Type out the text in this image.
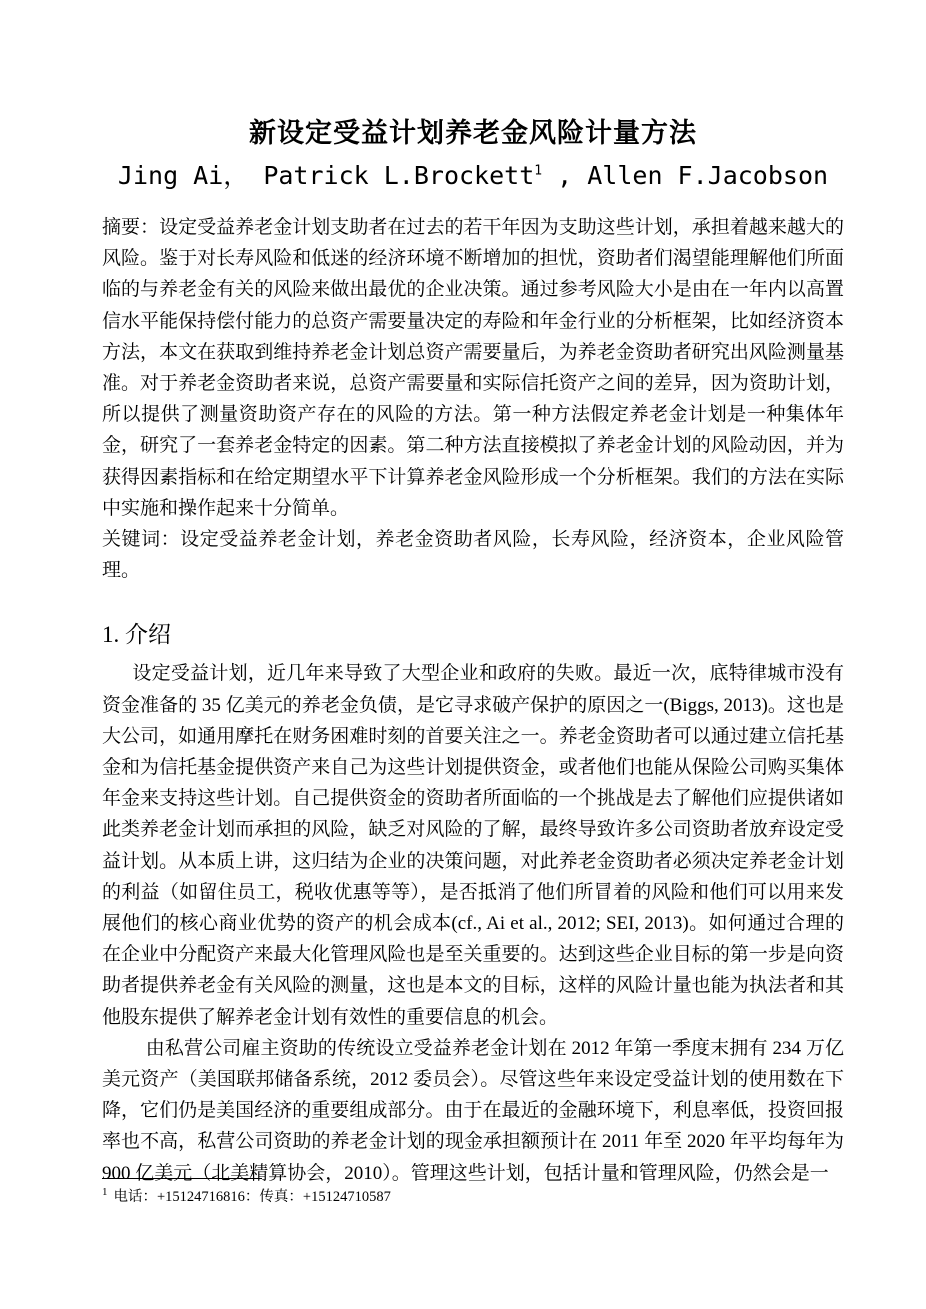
新设定受益计划养老金风险计量方法
Jing Ai， Patrick L.Brockett$^1$ , Allen F.Jacobson

摘要：设定受益养老金计划支助者在过去的若干年因为支助这些计划，承担着越来越大的风险。鉴于对长寿风险和低迷的经济环境不断增加的担忧，资助者们渴望能理解他们所面临的与养老金有关的风险来做出最优的企业决策。通过参考风险大小是由在一年内以高置信水平能保持偿付能力的总资产需要量决定的寿险和年金行业的分析框架，比如经济资本方法，本文在获取到维持养老金计划总资产需要量后，为养老金资助者研究出风险测量基准。对于养老金资助者来说，总资产需要量和实际信托资产之间的差异，因为资助计划，所以提供了测量资助资产存在的风险的方法。第一种方法假定养老金计划是一种集体年金，研究了一套养老金特定的因素。第二种方法直接模拟了养老金计划的风险动因，并为获得因素指标和在给定期望水平下计算养老金风险形成一个分析框架。我们的方法在实际中实施和操作起来十分简单。

关键词：设定受益养老金计划，养老金资助者风险，长寿风险，经济资本，企业风险管理。

1. 介绍

设定受益计划，近几年来导致了大型企业和政府的失败。最近一次，底特律城市没有资金准备的 35 亿美元的养老金负债，是它寻求破产保护的原因之一(Biggs, 2013)。这也是大公司，如通用摩托在财务困难时刻的首要关注之一。养老金资助者可以通过建立信托基金和为信托基金提供资产来自己为这些计划提供资金，或者他们也能从保险公司购买集体年金来支持这些计划。自己提供资金的资助者所面临的一个挑战是去了解他们应提供诸如此类养老金计划而承担的风险，缺乏对风险的了解，最终导致许多公司资助者放弃设定受益计划。从本质上讲，这归结为企业的决策问题，对此养老金资助者必须决定养老金计划的利益（如留住员工，税收优惠等等），是否抵消了他们所冒着的风险和他们可以用来发展他们的核心商业优势的资产的机会成本(cf., Ai et al., 2012; SEI, 2013)。如何通过合理的在企业中分配资产来最大化管理风险也是至关重要的。达到这些企业目标的第一步是向资助者提供养老金有关风险的测量，这也是本文的目标，这样的风险计量也能为执法者和其他股东提供了解养老金计划有效性的重要信息的机会。

由私营公司雇主资助的传统设立受益养老金计划在 2012 年第一季度末拥有 234 万亿美元资产（美国联邦储备系统，2012 委员会）。尽管这些年来设定受益计划的使用数在下降，它们仍是美国经济的重要组成部分。由于在最近的金融环境下，利息率低，投资回报率也不高，私营公司资助的养老金计划的现金承担额预计在 2011 年至 2020 年平均每年为 900 亿美元（北美精算协会，2010）。管理这些计划，包括计量和管理风险，仍然会是一

$^1$ 电话：+15124716816：传真：+15124710587
